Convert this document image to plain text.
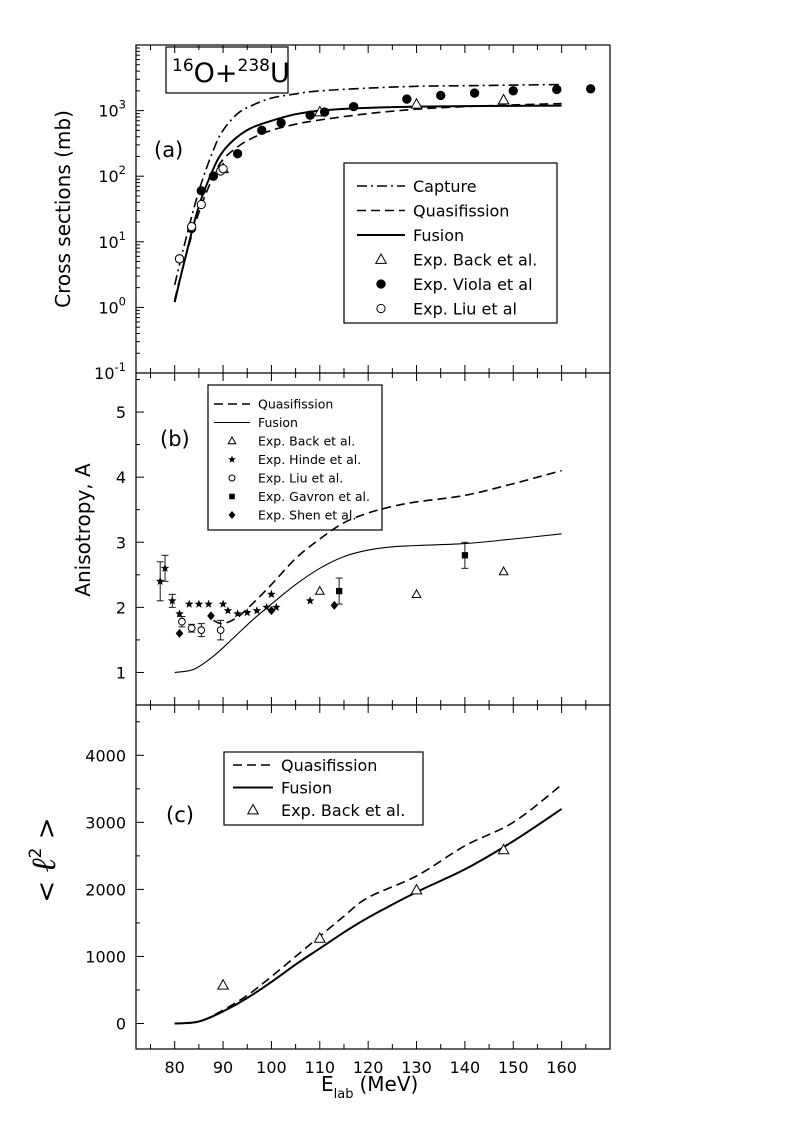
$^{16}$O+$^{238}$U
(a)
Cross sections (mb)
(b)
Anisotropy, A
(c)
< ℓ$^2$ >
$E_{lab}$ (MeV)
$10^{-1}$
$10^0$
$10^1$
$10^2$
$10^3$
1
2
3
4
5
0
1000
2000
3000
4000
80 90 100 110 120 130 140 150 160
Capture
Quasifission
Fusion
Exp. Back et al.
Exp. Viola et al
Exp. Liu et al
Quasifission
Fusion
Exp. Back et al.
Exp. Hinde et al.
Exp. Liu et al.
Exp. Gavron et al.
Exp. Shen et al.
Quasifission
Fusion
Exp. Back et al.
